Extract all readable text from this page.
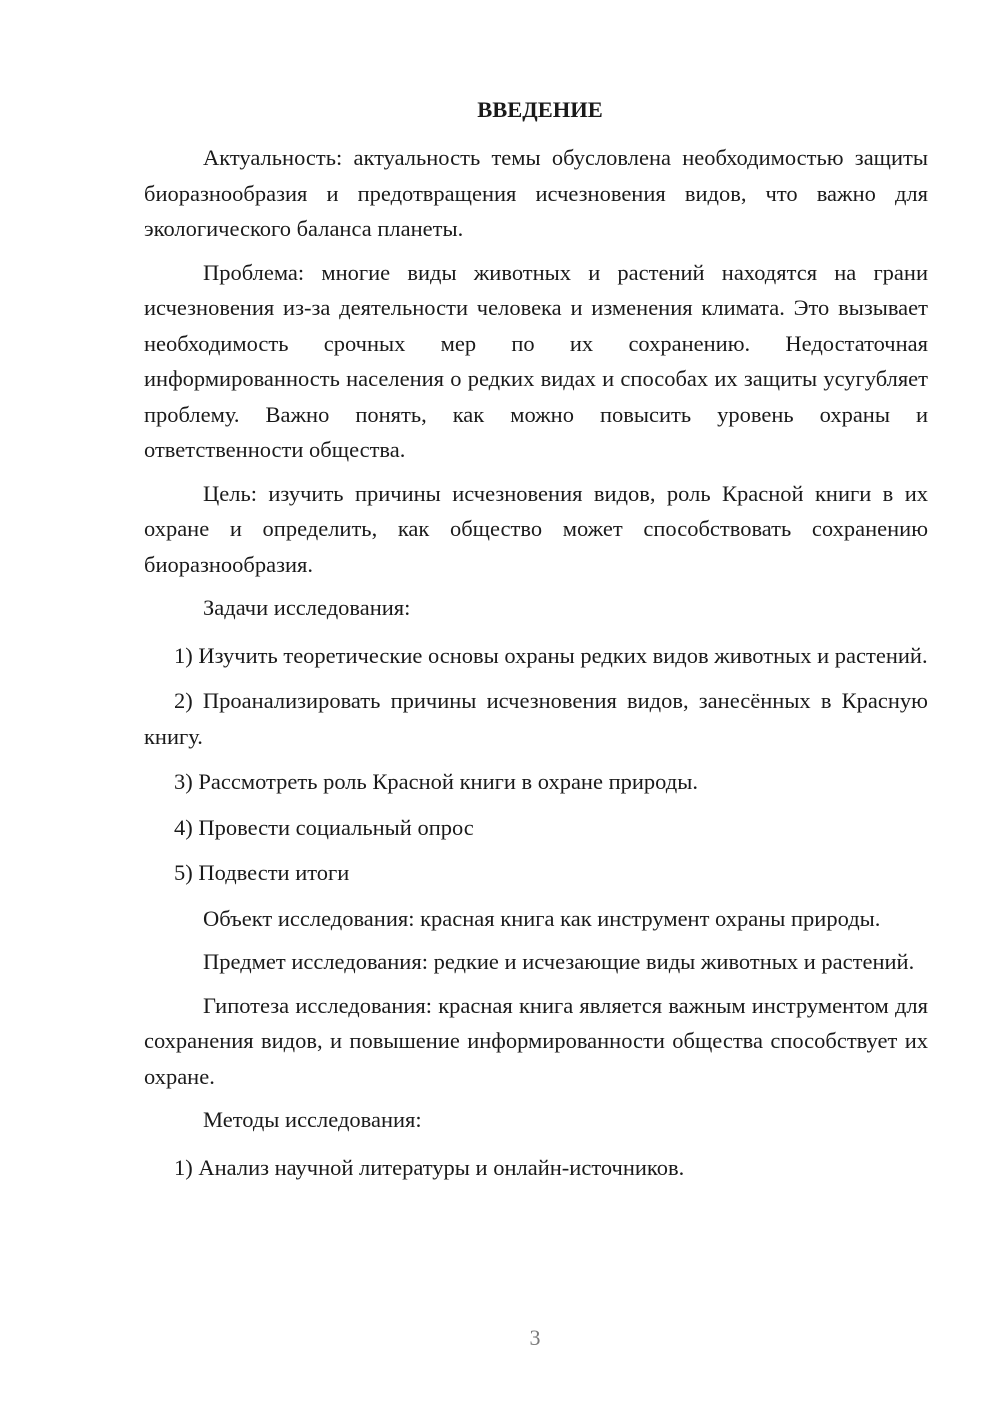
ВВЕДЕНИЕ

Актуальность: актуальность темы обусловлена необходимостью защиты биоразнообразия и предотвращения исчезновения видов, что важно для экологического баланса планеты.

Проблема: многие виды животных и растений находятся на грани исчезновения из-за деятельности человека и изменения климата. Это вызывает необходимость срочных мер по их сохранению. Недостаточная информированность населения о редких видах и способах их защиты усугубляет проблему. Важно понять, как можно повысить уровень охраны и ответственности общества.

Цель: изучить причины исчезновения видов, роль Красной книги в их охране и определить, как общество может способствовать сохранению биоразнообразия.

Задачи исследования:

1) Изучить теоретические основы охраны редких видов животных и растений.

2) Проанализировать причины исчезновения видов, занесённых в Красную книгу.

3) Рассмотреть роль Красной книги в охране природы.

4) Провести социальный опрос

5) Подвести итоги

Объект исследования: красная книга как инструмент охраны природы.

Предмет исследования: редкие и исчезающие виды животных и растений.

Гипотеза исследования: красная книга является важным инструментом для сохранения видов, и повышение информированности общества способствует их охране.

Методы исследования:

1) Анализ научной литературы и онлайн-источников.

3
